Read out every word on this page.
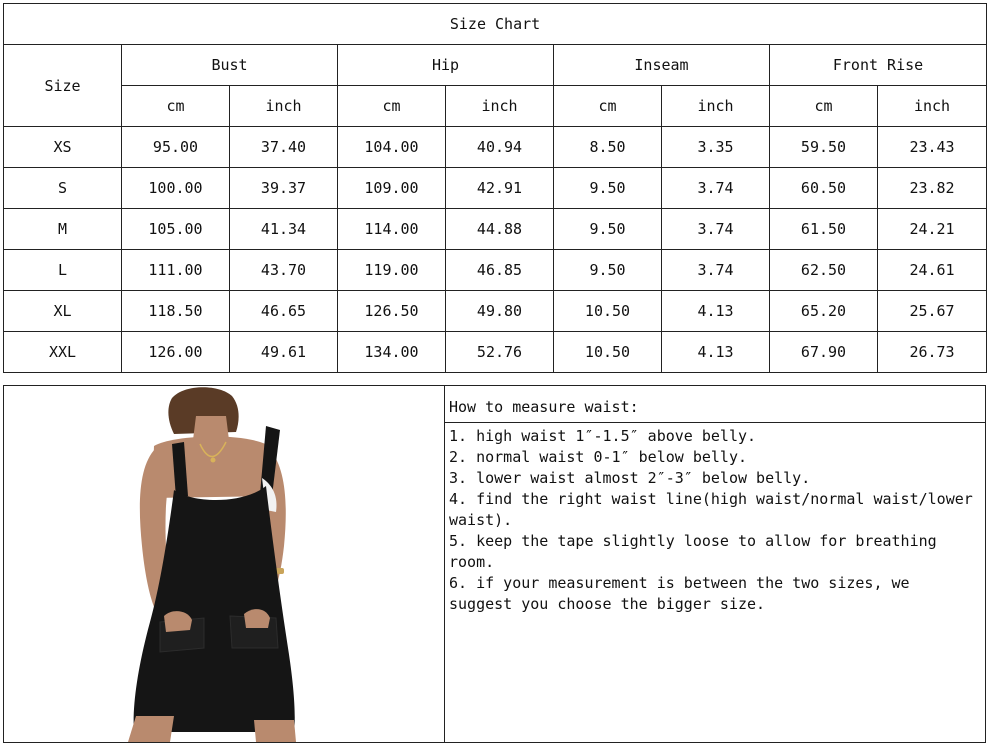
Size Chart								
Size	Bust		Hip		Inseam		Front Rise	
	cm	inch	cm	inch	cm	inch	cm	inch
XS	95.00	37.40	104.00	40.94	8.50	3.35	59.50	23.43
S	100.00	39.37	109.00	42.91	9.50	3.74	60.50	23.82
M	105.00	41.34	114.00	44.88	9.50	3.74	61.50	24.21
L	111.00	43.70	119.00	46.85	9.50	3.74	62.50	24.61
XL	118.50	46.65	126.50	49.80	10.50	4.13	65.20	25.67
XXL	126.00	49.61	134.00	52.76	10.50	4.13	67.90	26.73
How to measure waist:
1. high waist 1″-1.5″ above belly.
2. normal waist 0-1″ below belly.
3. lower waist almost 2″-3″ below belly.
4. find the right waist line(high waist/normal waist/lower waist).
5. keep the tape slightly loose to allow for breathing room.
6. if your measurement is between the two sizes, we suggest you choose the bigger size.
